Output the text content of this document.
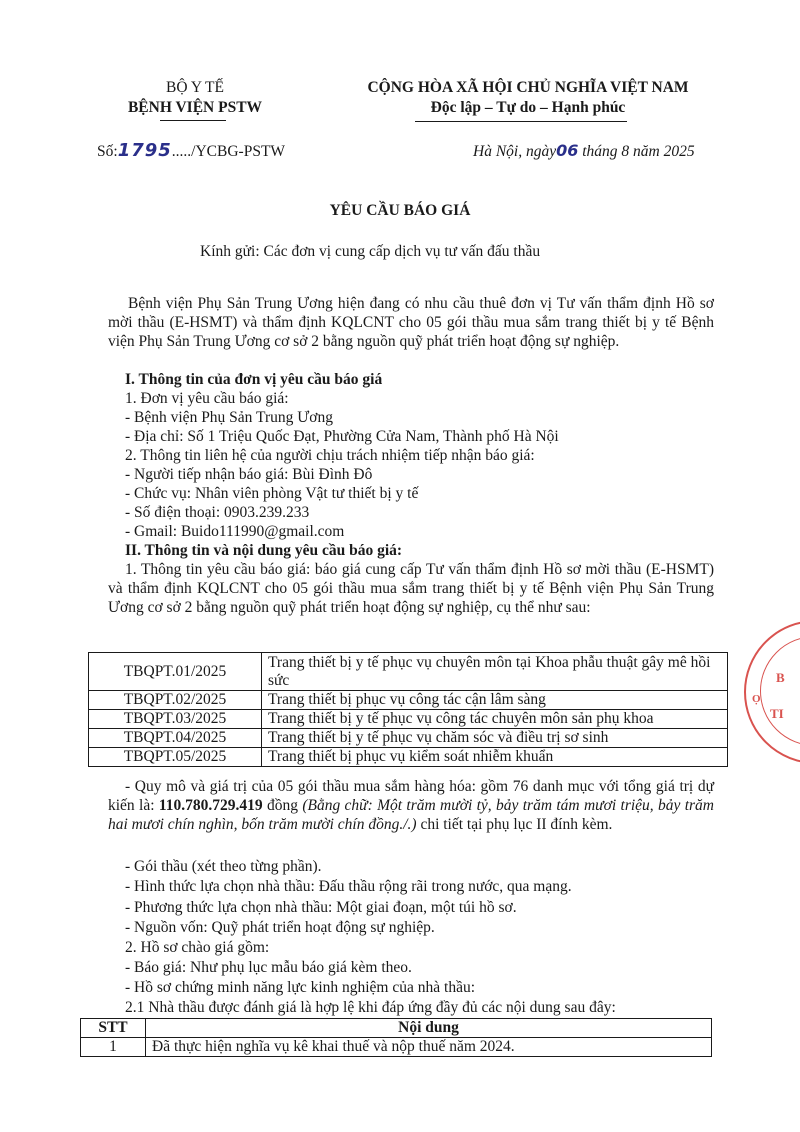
BỘ Y TẾ
BỆNH VIỆN PSTW
CỘNG HÒA XÃ HỘI CHỦ NGHĨA VIỆT NAM
Độc lập – Tự do – Hạnh phúc
Số:1795...../YCBG-PSTW	Hà Nội, ngày06 tháng 8 năm 2025
YÊU CẦU BÁO GIÁ
Kính gửi: Các đơn vị cung cấp dịch vụ tư vấn đấu thầu
Bệnh viện Phụ Sản Trung Ương hiện đang có nhu cầu thuê đơn vị Tư vấn thẩm định Hồ sơ mời thầu (E-HSMT) và thẩm định KQLCNT cho 05 gói thầu mua sắm trang thiết bị y tế Bệnh viện Phụ Sản Trung Ương cơ sở 2 bằng nguồn quỹ phát triển hoạt động sự nghiệp.
I. Thông tin của đơn vị yêu cầu báo giá
1. Đơn vị yêu cầu báo giá:
- Bệnh viện Phụ Sản Trung Ương
- Địa chỉ: Số 1 Triệu Quốc Đạt, Phường Cửa Nam, Thành phố Hà Nội
2. Thông tin liên hệ của người chịu trách nhiệm tiếp nhận báo giá:
- Người tiếp nhận báo giá: Bùi Đình Đô
- Chức vụ: Nhân viên phòng Vật tư thiết bị y tế
- Số điện thoại: 0903.239.233
- Gmail: Buido111990@gmail.com
II. Thông tin và nội dung yêu cầu báo giá:
1. Thông tin yêu cầu báo giá: báo giá cung cấp Tư vấn thẩm định Hồ sơ mời thầu (E-HSMT) và thẩm định KQLCNT cho 05 gói thầu mua sắm trang thiết bị y tế Bệnh viện Phụ Sản Trung Ương cơ sở 2 bằng nguồn quỹ phát triển hoạt động sự nghiệp, cụ thể như sau:
TBQPT.01/2025	Trang thiết bị y tế phục vụ chuyên môn tại Khoa phẫu thuật gây mê hồi sức
TBQPT.02/2025	Trang thiết bị phục vụ công tác cận lâm sàng
TBQPT.03/2025	Trang thiết bị y tế phục vụ công tác chuyên môn sản phụ khoa
TBQPT.04/2025	Trang thiết bị y tế phục vụ chăm sóc và điều trị sơ sinh
TBQPT.05/2025	Trang thiết bị phục vụ kiểm soát nhiễm khuẩn
- Quy mô và giá trị của 05 gói thầu mua sắm hàng hóa: gồm 76 danh mục với tổng giá trị dự kiến là: 110.780.729.419 đồng (Bằng chữ: Một trăm mười tỷ, bảy trăm tám mươi triệu, bảy trăm hai mươi chín nghìn, bốn trăm mười chín đồng./.) chi tiết tại phụ lục II đính kèm.
- Gói thầu (xét theo từng phần).
- Hình thức lựa chọn nhà thầu: Đấu thầu rộng rãi trong nước, qua mạng.
- Phương thức lựa chọn nhà thầu: Một giai đoạn, một túi hồ sơ.
- Nguồn vốn: Quỹ phát triển hoạt động sự nghiệp.
2. Hồ sơ chào giá gồm:
- Báo giá: Như phụ lục mẫu báo giá kèm theo.
- Hồ sơ chứng minh năng lực kinh nghiệm của nhà thầu:
2.1 Nhà thầu được đánh giá là hợp lệ khi đáp ứng đầy đủ các nội dung sau đây:
STT	Nội dung
1	Đã thực hiện nghĩa vụ kê khai thuế và nộp thuế năm 2024.
B
TI
Ọ
